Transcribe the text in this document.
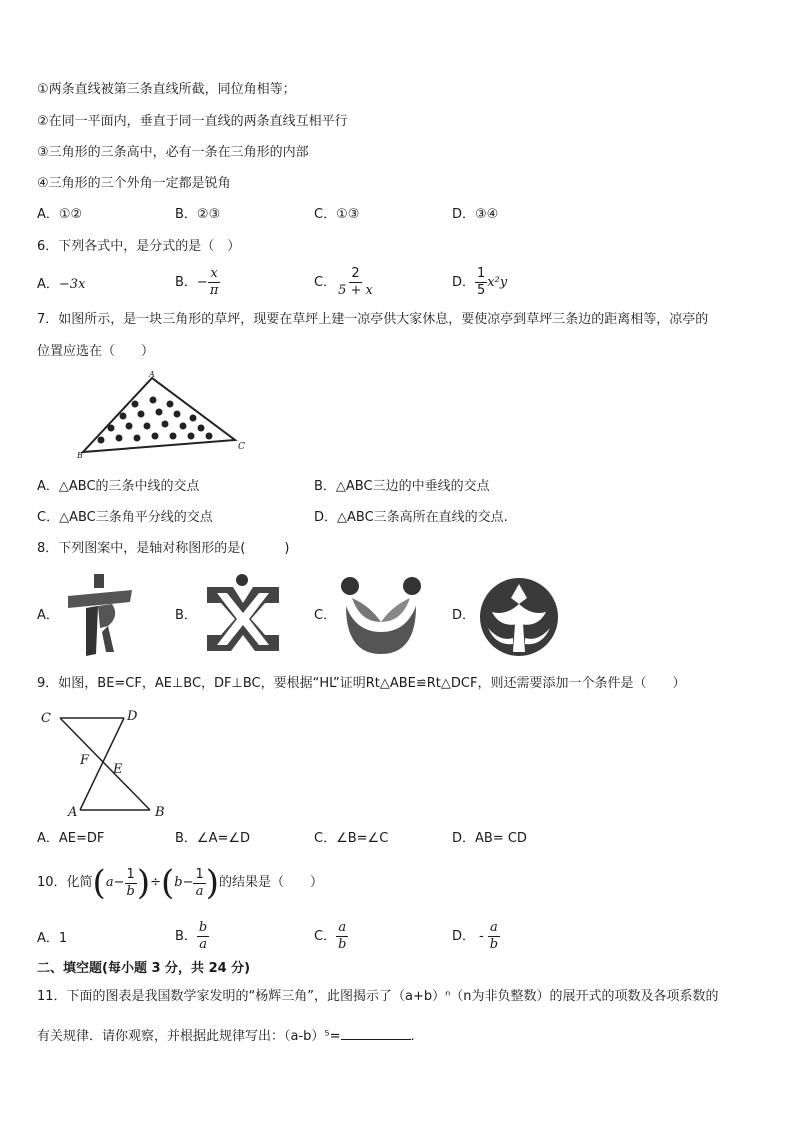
①两条直线被第三条直线所截，同位角相等；
②在同一平面内，垂直于同一直线的两条直线互相平行
③三角形的三条高中，必有一条在三角形的内部
④三角形的三个外角一定都是锐角
A．①②	B．②③	C．①③	D．③④
6．下列各式中，是分式的是（　）
A．−3x	B．− $\frac{x}{\pi}$	C． $\frac{2}{5 + x}$	D． $\frac{1}{5} x^2y$
7．如图所示，是一块三角形的草坪，现要在草坪上建一凉亭供大家休息，要使凉亭到草坪三条边的距离相等，凉亭的
位置应选在（　　）
A
B
C
A．△ABC的三条中线的交点	B．△ABC三边的中垂线的交点
C．△ABC三条角平分线的交点	D．△ABC三条高所在直线的交点.
8．下列图案中，是轴对称图形的是(　　　)
A．	B．	C．	D．
9．如图，BE=CF，AE⊥BC，DF⊥BC，要根据“HL”证明Rt△ABE≌Rt△DCF，则还需要添加一个条件是（　　）
C	D
F
E
A	B
A．AE=DF	B．∠A=∠D	C．∠B=∠C	D．AB= CD
10．化简 ( $a - \frac{1}{b}$ ) ÷ ( $b - \frac{1}{a}$ ) 的结果是（　　）
A．1	B． $\frac{b}{a}$	C． $\frac{a}{b}$	D． - $\frac{a}{b}$
二、填空题(每小题 3 分，共 24 分)
11．下面的图表是我国数学家发明的“杨辉三角”，此图揭示了（a+b）ⁿ（n为非负整数）的展开式的项数及各项系数的
有关规律．请你观察，并根据此规律写出：（a-b）⁵=	.
